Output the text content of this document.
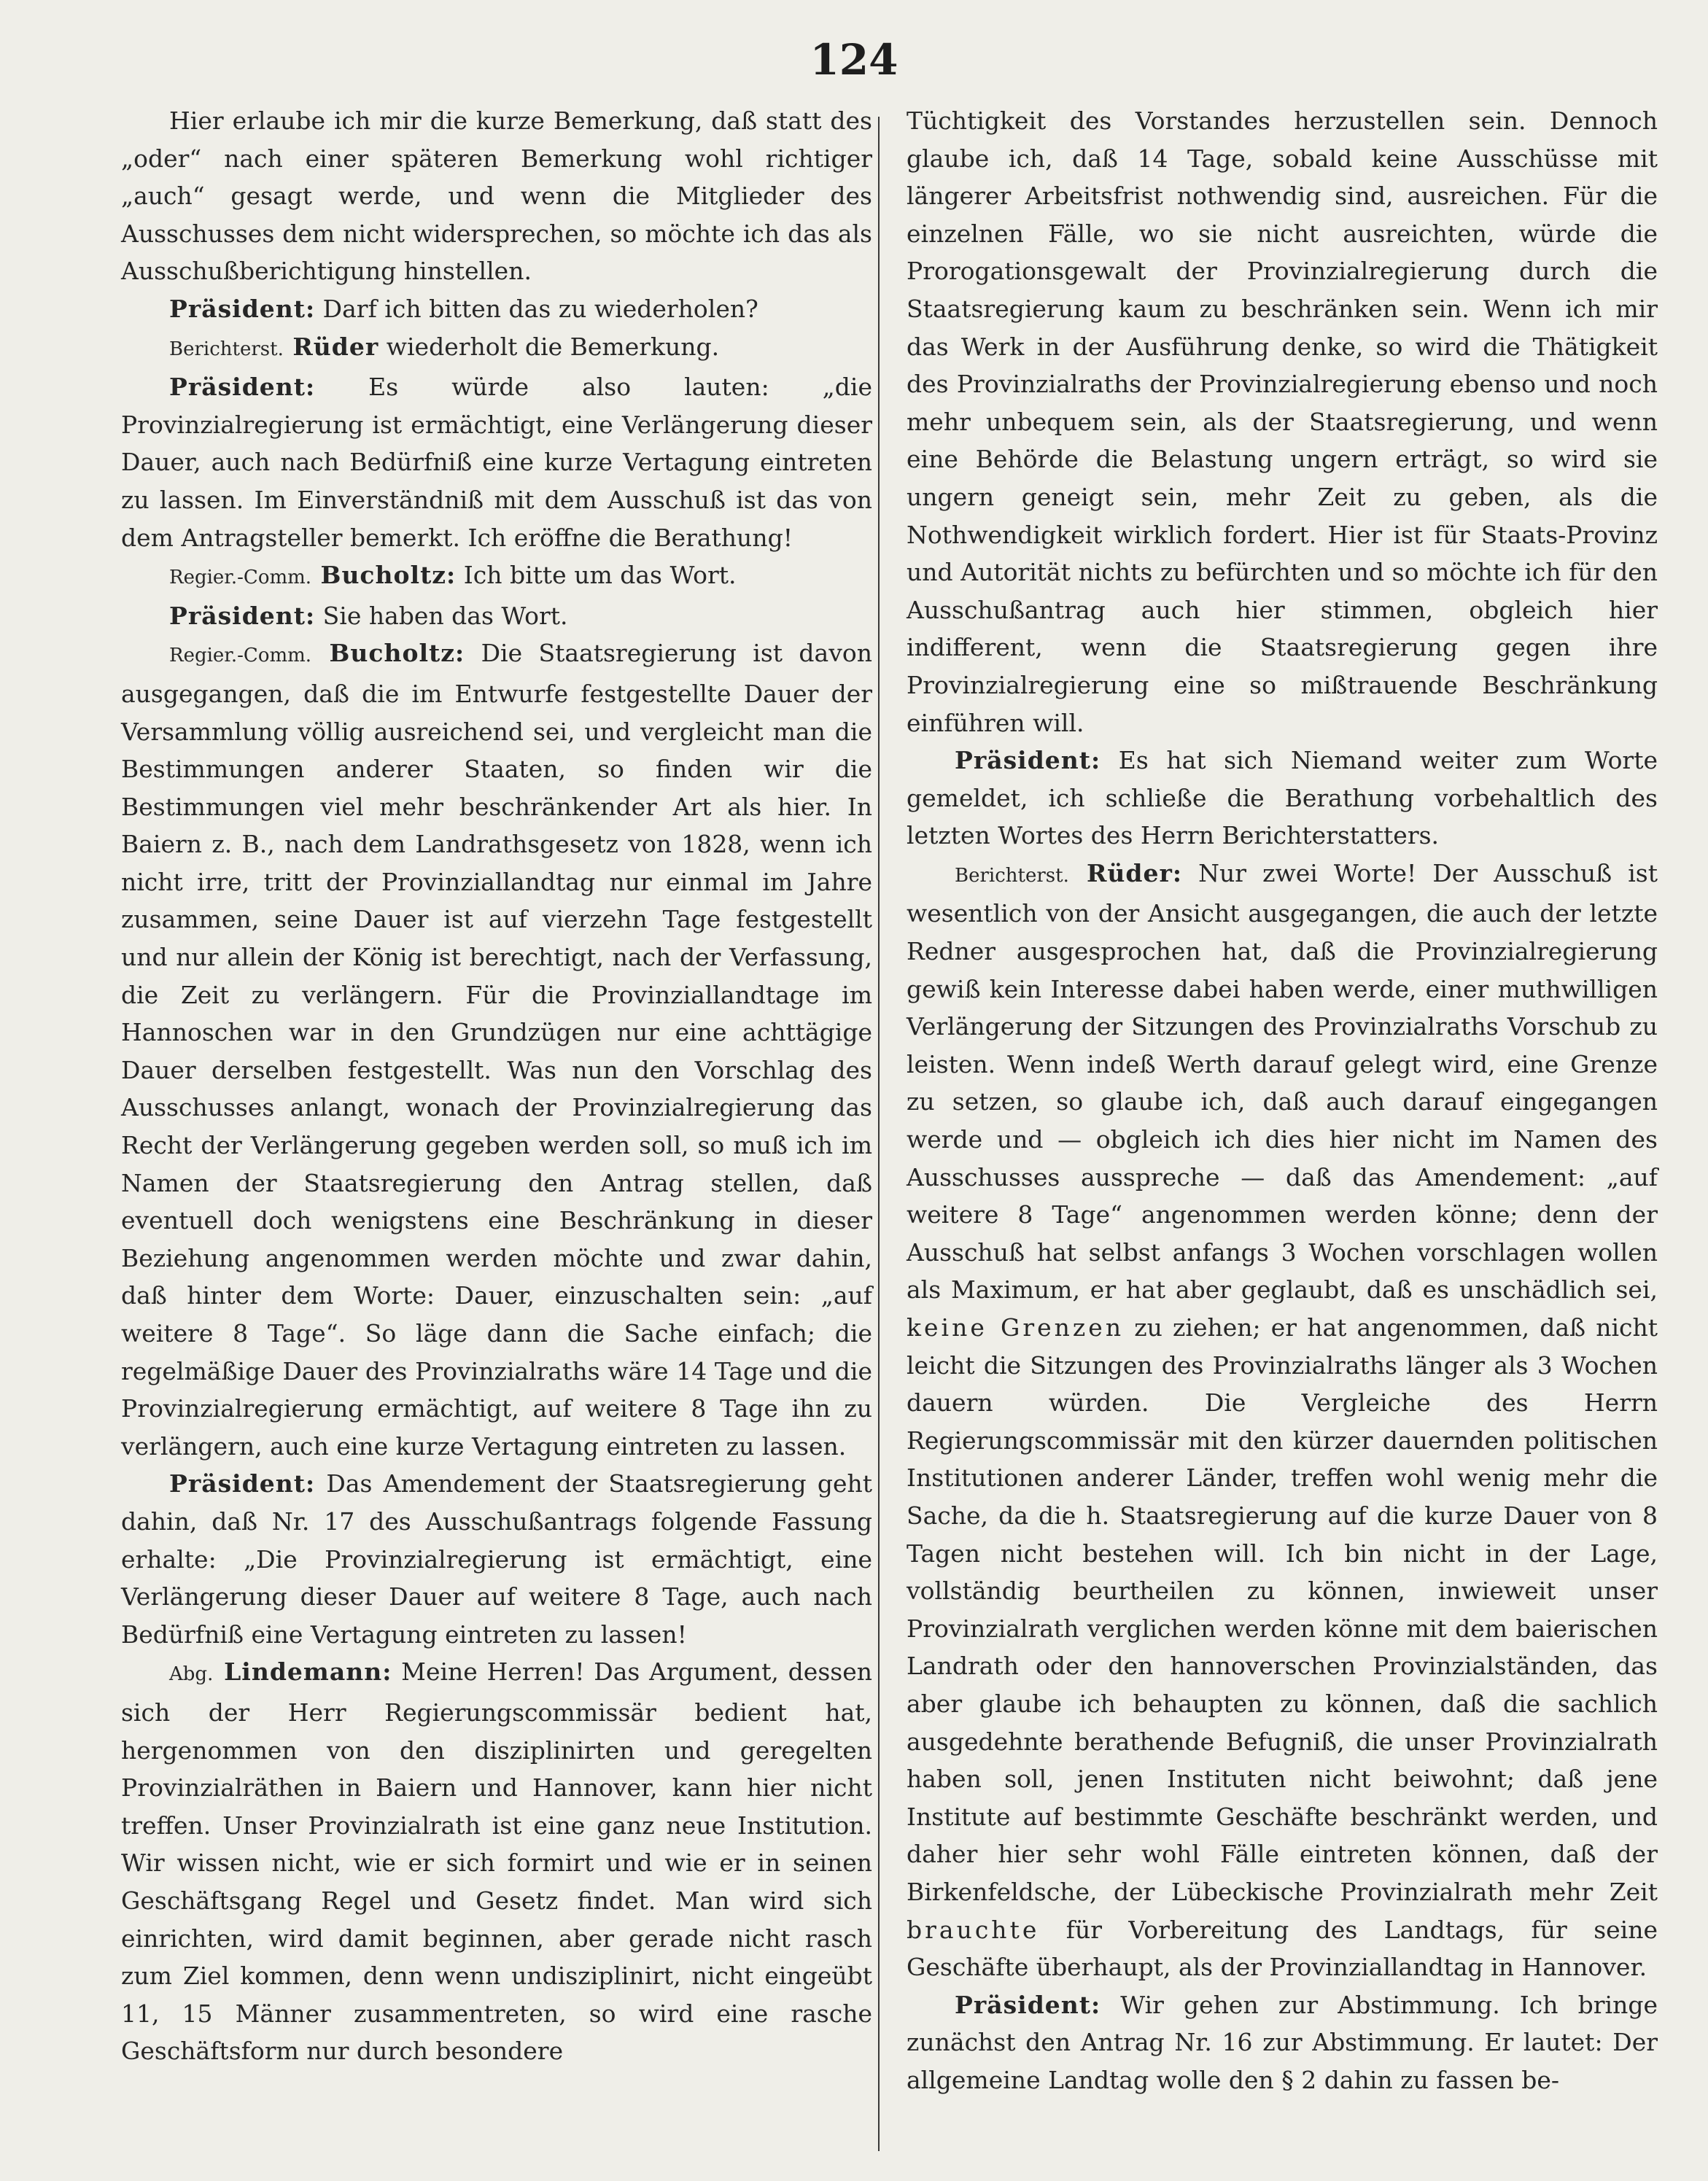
124

Hier erlaube ich mir die kurze Bemerkung, daß statt des „oder“ nach einer späteren Bemerkung wohl richtiger „auch“ gesagt werde, und wenn die Mitglieder des Ausschusses dem nicht widersprechen, so möchte ich das als Ausschußberichtigung hinstellen.

Präsident: Darf ich bitten das zu wiederholen?

Berichterst. Rüder wiederholt die Bemerkung.

Präsident: Es würde also lauten: „die Provinzialregierung ist ermächtigt, eine Verlängerung dieser Dauer, auch nach Bedürfniß eine kurze Vertagung eintreten zu lassen. Im Einverständniß mit dem Ausschuß ist das von dem Antragsteller bemerkt. Ich eröffne die Berathung!

Regier.-Comm. Bucholtz: Ich bitte um das Wort.

Präsident: Sie haben das Wort.

Regier.-Comm. Bucholtz: Die Staatsregierung ist davon ausgegangen, daß die im Entwurfe festgestellte Dauer der Versammlung völlig ausreichend sei, und vergleicht man die Bestimmungen anderer Staaten, so finden wir die Bestimmungen viel mehr beschränkender Art als hier. In Baiern z. B., nach dem Landrathsgesetz von 1828, wenn ich nicht irre, tritt der Provinziallandtag nur einmal im Jahre zusammen, seine Dauer ist auf vierzehn Tage festgestellt und nur allein der König ist berechtigt, nach der Verfassung, die Zeit zu verlängern. Für die Provinziallandtage im Hannoschen war in den Grundzügen nur eine achttägige Dauer derselben festgestellt. Was nun den Vorschlag des Ausschusses anlangt, wonach der Provinzialregierung das Recht der Verlängerung gegeben werden soll, so muß ich im Namen der Staatsregierung den Antrag stellen, daß eventuell doch wenigstens eine Beschränkung in dieser Beziehung angenommen werden möchte und zwar dahin, daß hinter dem Worte: Dauer, einzuschalten sein: „auf weitere 8 Tage“. So läge dann die Sache einfach; die regelmäßige Dauer des Provinzialraths wäre 14 Tage und die Provinzialregierung ermächtigt, auf weitere 8 Tage ihn zu verlängern, auch eine kurze Vertagung eintreten zu lassen.

Präsident: Das Amendement der Staatsregierung geht dahin, daß Nr. 17 des Ausschußantrags folgende Fassung erhalte: „Die Provinzialregierung ist ermächtigt, eine Verlängerung dieser Dauer auf weitere 8 Tage, auch nach Bedürfniß eine Vertagung eintreten zu lassen!

Abg. Lindemann: Meine Herren! Das Argument, dessen sich der Herr Regierungscommissär bedient hat, hergenommen von den disziplinirten und geregelten Provinzialräthen in Baiern und Hannover, kann hier nicht treffen. Unser Provinzialrath ist eine ganz neue Institution. Wir wissen nicht, wie er sich formirt und wie er in seinen Geschäftsgang Regel und Gesetz findet. Man wird sich einrichten, wird damit beginnen, aber gerade nicht rasch zum Ziel kommen, denn wenn undisziplinirt, nicht eingeübt 11, 15 Männer zusammentreten, so wird eine rasche Geschäftsform nur durch besondere

Tüchtigkeit des Vorstandes herzustellen sein. Dennoch glaube ich, daß 14 Tage, sobald keine Ausschüsse mit längerer Arbeitsfrist nothwendig sind, ausreichen. Für die einzelnen Fälle, wo sie nicht ausreichten, würde die Prorogationsgewalt der Provinzialregierung durch die Staatsregierung kaum zu beschränken sein. Wenn ich mir das Werk in der Ausführung denke, so wird die Thätigkeit des Provinzialraths der Provinzialregierung ebenso und noch mehr unbequem sein, als der Staatsregierung, und wenn eine Behörde die Belastung ungern erträgt, so wird sie ungern geneigt sein, mehr Zeit zu geben, als die Nothwendigkeit wirklich fordert. Hier ist für Staats-Provinz und Autorität nichts zu befürchten und so möchte ich für den Ausschußantrag auch hier stimmen, obgleich hier indifferent, wenn die Staatsregierung gegen ihre Provinzialregierung eine so mißtrauende Beschränkung einführen will.

Präsident: Es hat sich Niemand weiter zum Worte gemeldet, ich schließe die Berathung vorbehaltlich des letzten Wortes des Herrn Berichterstatters.

Berichterst. Rüder: Nur zwei Worte! Der Ausschuß ist wesentlich von der Ansicht ausgegangen, die auch der letzte Redner ausgesprochen hat, daß die Provinzialregierung gewiß kein Interesse dabei haben werde, einer muthwilligen Verlängerung der Sitzungen des Provinzialraths Vorschub zu leisten. Wenn indeß Werth darauf gelegt wird, eine Grenze zu setzen, so glaube ich, daß auch darauf eingegangen werde und — obgleich ich dies hier nicht im Namen des Ausschusses ausspreche — daß das Amendement: „auf weitere 8 Tage“ angenommen werden könne; denn der Ausschuß hat selbst anfangs 3 Wochen vorschlagen wollen als Maximum, er hat aber geglaubt, daß es unschädlich sei, keine Grenzen zu ziehen; er hat angenommen, daß nicht leicht die Sitzungen des Provinzialraths länger als 3 Wochen dauern würden. Die Vergleiche des Herrn Regierungscommissär mit den kürzer dauernden politischen Institutionen anderer Länder, treffen wohl wenig mehr die Sache, da die h. Staatsregierung auf die kurze Dauer von 8 Tagen nicht bestehen will. Ich bin nicht in der Lage, vollständig beurtheilen zu können, inwieweit unser Provinzialrath verglichen werden könne mit dem baierischen Landrath oder den hannoverschen Provinzialständen, das aber glaube ich behaupten zu können, daß die sachlich ausgedehnte berathende Befugniß, die unser Provinzialrath haben soll, jenen Instituten nicht beiwohnt; daß jene Institute auf bestimmte Geschäfte beschränkt werden, und daher hier sehr wohl Fälle eintreten können, daß der Birkenfeldsche, der Lübeckische Provinzialrath mehr Zeit brauchte für Vorbereitung des Landtags, für seine Geschäfte überhaupt, als der Provinziallandtag in Hannover.

Präsident: Wir gehen zur Abstimmung. Ich bringe zunächst den Antrag Nr. 16 zur Abstimmung. Er lautet: Der allgemeine Landtag wolle den § 2 dahin zu fassen be-
